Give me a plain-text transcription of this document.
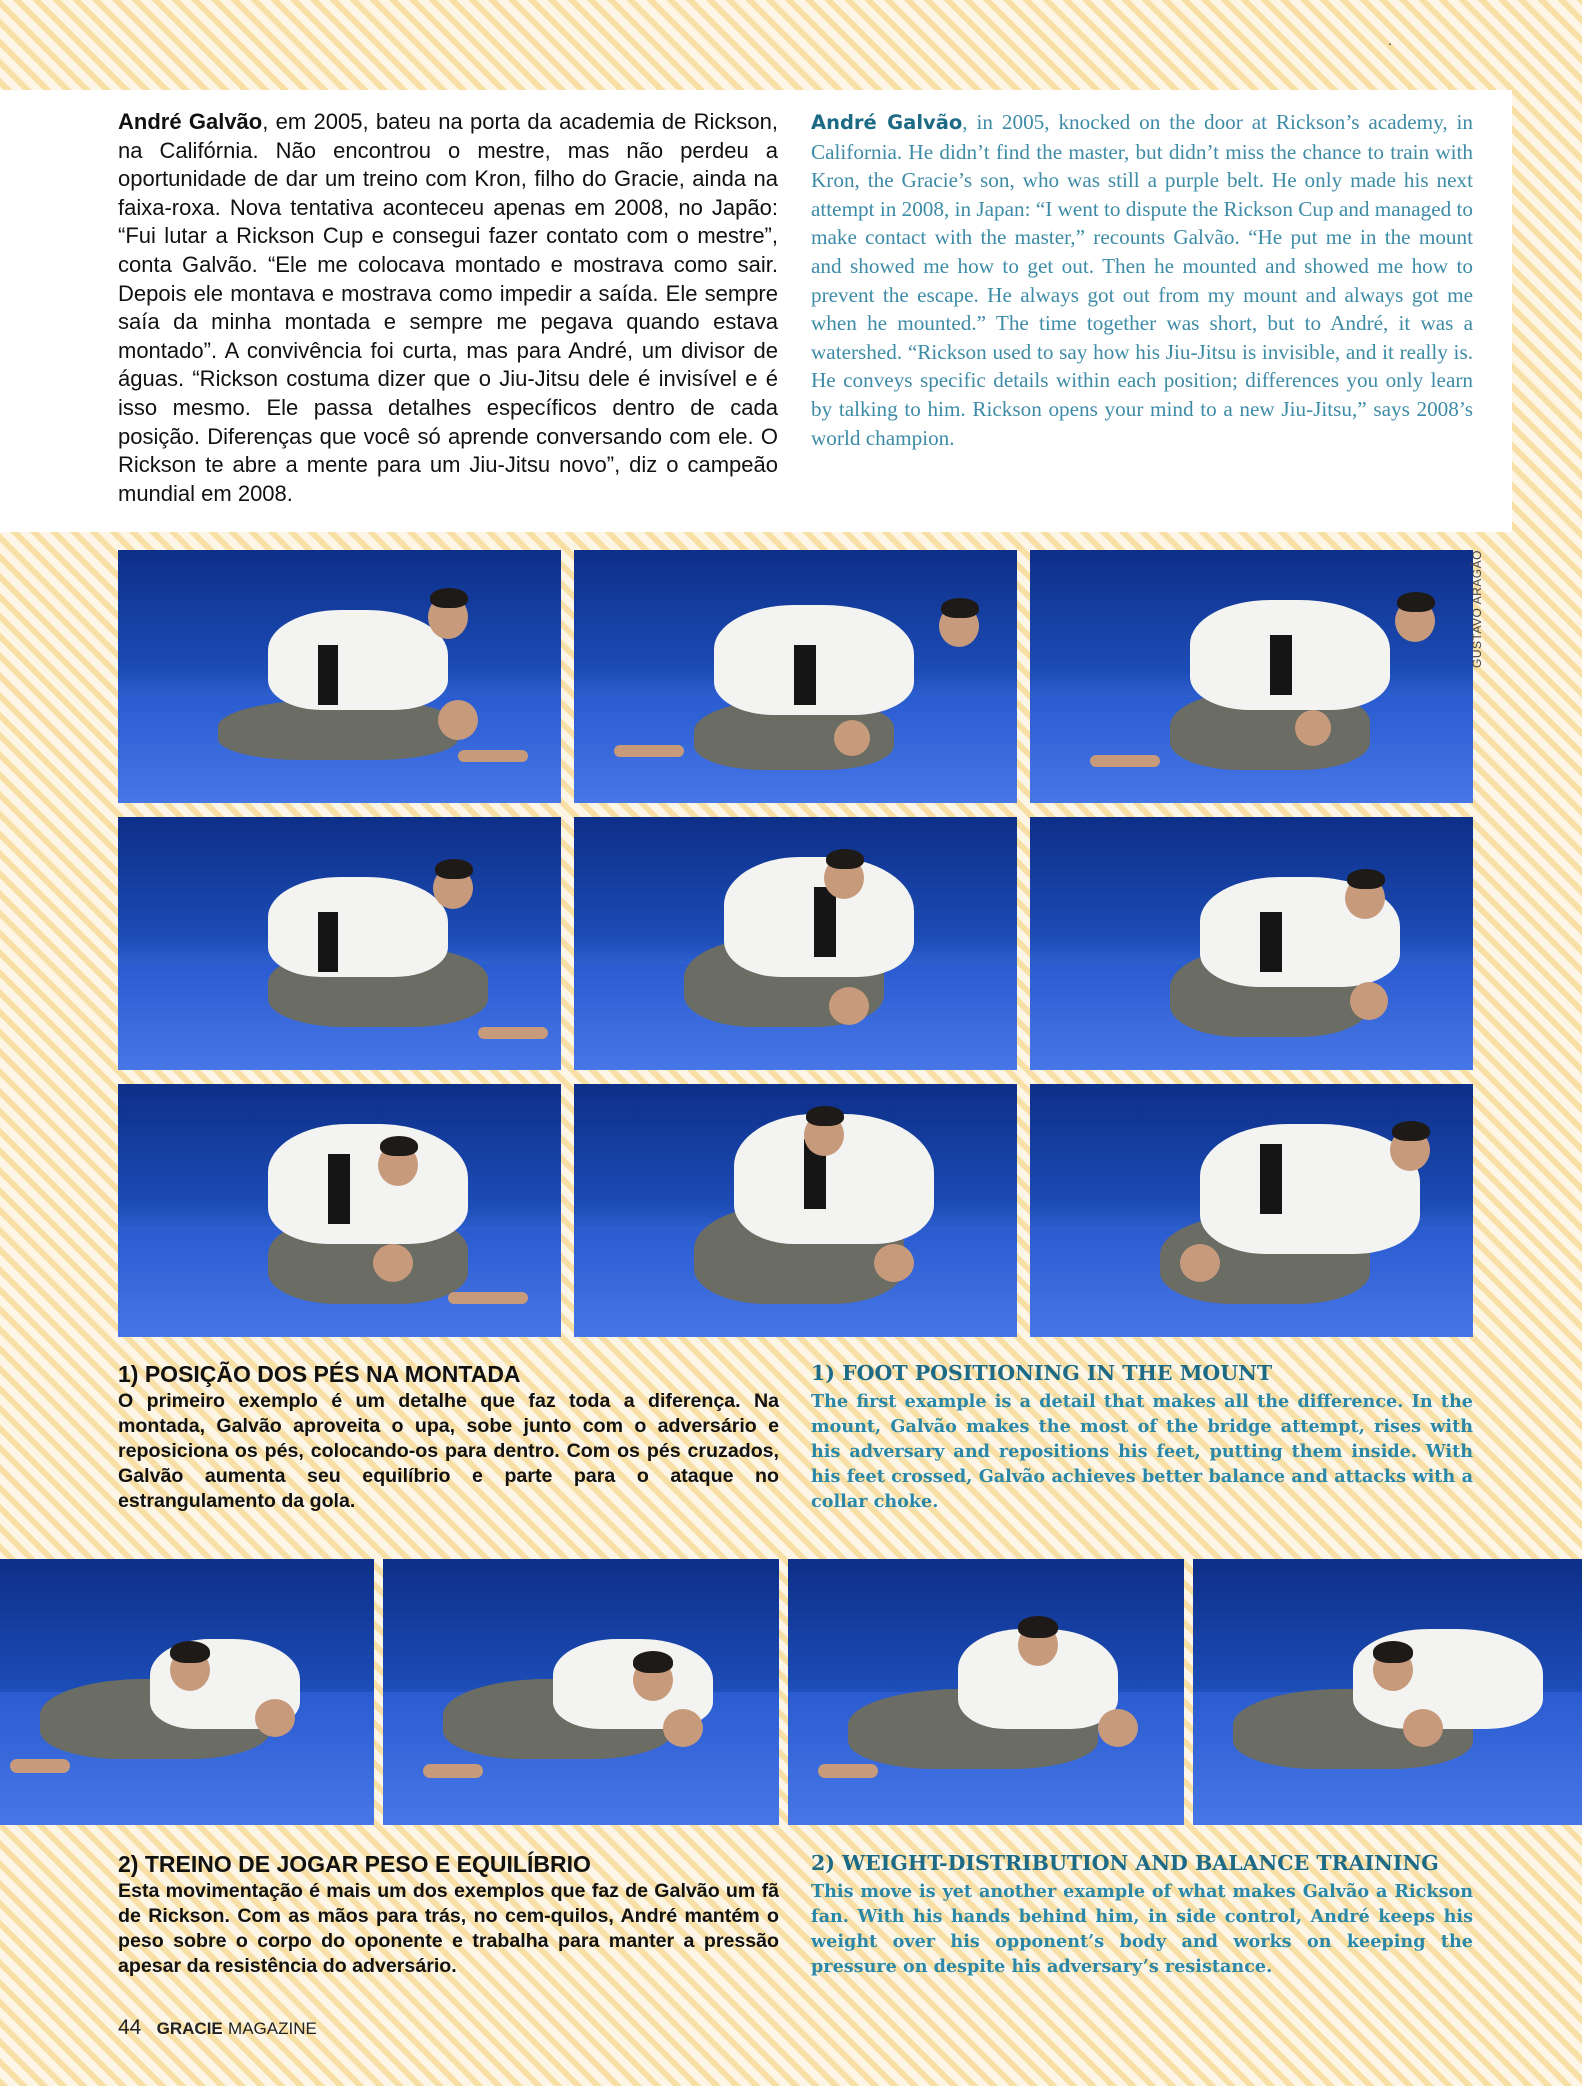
.

André Galvão, em 2005, bateu na porta da academia de Rickson, na Califórnia. Não encontrou o mestre, mas não perdeu a oportunidade de dar um treino com Kron, filho do Gracie, ainda na faixa-roxa. Nova tentativa aconteceu apenas em 2008, no Japão: “Fui lutar a Rickson Cup e consegui fazer contato com o mestre”, conta Galvão. “Ele me colocava montado e mostrava como sair. Depois ele montava e mostrava como impedir a saída. Ele sempre saía da minha montada e sempre me pegava quando estava montado”. A convivência foi curta, mas para André, um divisor de águas. “Rickson costuma dizer que o Jiu-Jitsu dele é invisível e é isso mesmo. Ele passa detalhes específicos dentro de cada posição. Diferenças que você só aprende conversando com ele. O Rickson te abre a mente para um Jiu-Jitsu novo”, diz o campeão mundial em 2008.

André Galvão, in 2005, knocked on the door at Rickson’s academy, in California. He didn’t find the master, but didn’t miss the chance to train with Kron, the Gracie’s son, who was still a purple belt. He only made his next attempt in 2008, in Japan: “I went to dispute the Rickson Cup and managed to make contact with the master,” recounts Galvão. “He put me in the mount and showed me how to get out. Then he mounted and showed me how to prevent the escape. He always got out from my mount and always got me when he mounted.” The time together was short, but to André, it was a watershed. “Rickson used to say how his Jiu-Jitsu is invisible, and it really is. He conveys specific details within each position; differences you only learn by talking to him. Rickson opens your mind to a new Jiu-Jitsu,” says 2008’s world champion.

GUSTAVO ARAGÃO
1) POSIÇÃO DOS PÉS NA MONTADA

O primeiro exemplo é um detalhe que faz toda a diferença. Na montada, Galvão aproveita o upa, sobe junto com o adversário e reposiciona os pés, colocando-os para dentro. Com os pés cruzados, Galvão aumenta seu equilíbrio e parte para o ataque no estrangulamento da gola.

1) FOOT POSITIONING IN THE MOUNT

The first example is a detail that makes all the difference. In the mount, Galvão makes the most of the bridge attempt, rises with his adversary and repositions his feet, putting them inside. With his feet crossed, Galvão achieves better balance and attacks with a collar choke.

2) TREINO DE JOGAR PESO E EQUILÍBRIO

Esta movimentação é mais um dos exemplos que faz de Galvão um fã de Rickson. Com as mãos para trás, no cem-quilos, André mantém o peso sobre o corpo do oponente e trabalha para manter a pressão apesar da resistência do adversário.

2) WEIGHT-DISTRIBUTION AND BALANCE TRAINING

This move is yet another example of what makes Galvão a Rickson fan. With his hands behind him, in side control, André keeps his weight over his opponent’s body and works on keeping the pressure on despite his adversary’s resistance.

44 GRACIE MAGAZINE
